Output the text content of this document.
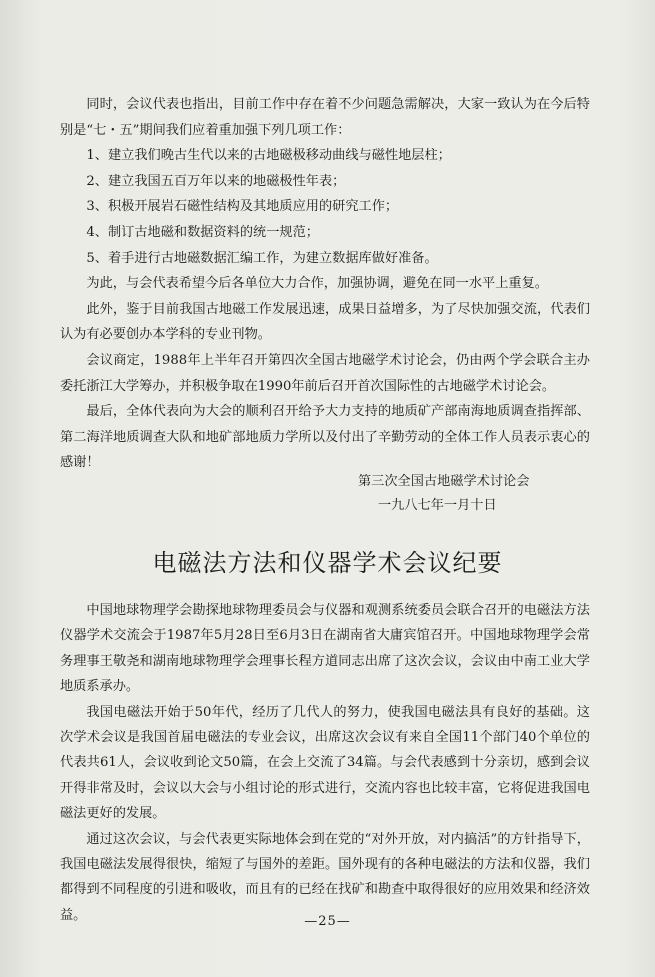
同时，会议代表也指出，目前工作中存在着不少问题急需解决，大家一致认为在今后特别是“七・五”期间我们应着重加强下列几项工作：

1、建立我们晚古生代以来的古地磁极移动曲线与磁性地层柱；

2、建立我国五百万年以来的地磁极性年表；

3、积极开展岩石磁性结构及其地质应用的研究工作；

4、制订古地磁和数据资料的统一规范；

5、着手进行古地磁数据汇编工作，为建立数据库做好准备。

为此，与会代表希望今后各单位大力合作，加强协调，避免在同一水平上重复。

此外，鉴于目前我国古地磁工作发展迅速，成果日益增多，为了尽快加强交流，代表们认为有必要创办本学科的专业刊物。

会议商定，1988年上半年召开第四次全国古地磁学术讨论会，仍由两个学会联合主办委托浙江大学筹办，并积极争取在1990年前后召开首次国际性的古地磁学术讨论会。

最后，全体代表向为大会的顺利召开给予大力支持的地质矿产部南海地质调查指挥部、第二海洋地质调查大队和地矿部地质力学所以及付出了辛勤劳动的全体工作人员表示衷心的感谢！

第三次全国古地磁学术讨论会
一九八七年一月十日
电磁法方法和仪器学术会议纪要

中国地球物理学会勘探地球物理委员会与仪器和观测系统委员会联合召开的电磁法方法仪器学术交流会于1987年5月28日至6月3日在湖南省大庸宾馆召开。中国地球物理学会常务理事王敬尧和湖南地球物理学会理事长程方道同志出席了这次会议，会议由中南工业大学地质系承办。

我国电磁法开始于50年代，经历了几代人的努力，使我国电磁法具有良好的基础。这次学术会议是我国首届电磁法的专业会议，出席这次会议有来自全国11个部门40个单位的代表共61人，会议收到论文50篇，在会上交流了34篇。与会代表感到十分亲切，感到会议开得非常及时，会议以大会与小组讨论的形式进行，交流内容也比较丰富，它将促进我国电磁法更好的发展。

通过这次会议，与会代表更实际地体会到在党的“对外开放，对内搞活”的方针指导下，我国电磁法发展得很快，缩短了与国外的差距。国外现有的各种电磁法的方法和仪器，我们都得到不同程度的引进和吸收，而且有的已经在找矿和勘查中取得很好的应用效果和经济效益。	—25—
